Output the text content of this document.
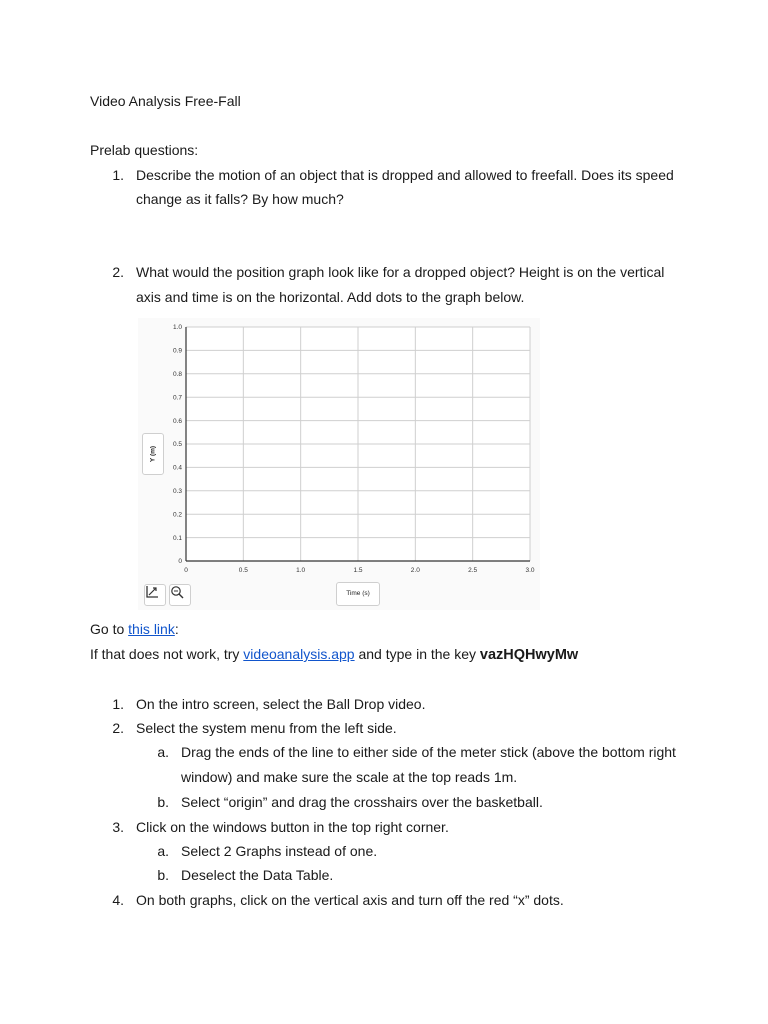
Video Analysis Free-Fall
Prelab questions:
1. Describe the motion of an object that is dropped and allowed to freefall. Does its speed
change as it falls? By how much?
2. What would the position graph look like for a dropped object? Height is on the vertical
axis and time is on the horizontal. Add dots to the graph below.
0	0.5	1.0	1.5	2.0	2.5	3.0
0
0.1
0.2
0.3
0.4
0.5
0.6
0.7
0.8
0.9
1.0
Y (m)
Time (s)
Go to this link:
If that does not work, try videoanalysis.app and type in the key vazHQHwyMw
1. On the intro screen, select the Ball Drop video.
2. Select the system menu from the left side.
a. Drag the ends of the line to either side of the meter stick (above the bottom right
window) and make sure the scale at the top reads 1m.
b. Select “origin” and drag the crosshairs over the basketball.
3. Click on the windows button in the top right corner.
a. Select 2 Graphs instead of one.
b. Deselect the Data Table.
4. On both graphs, click on the vertical axis and turn off the red “x” dots.
